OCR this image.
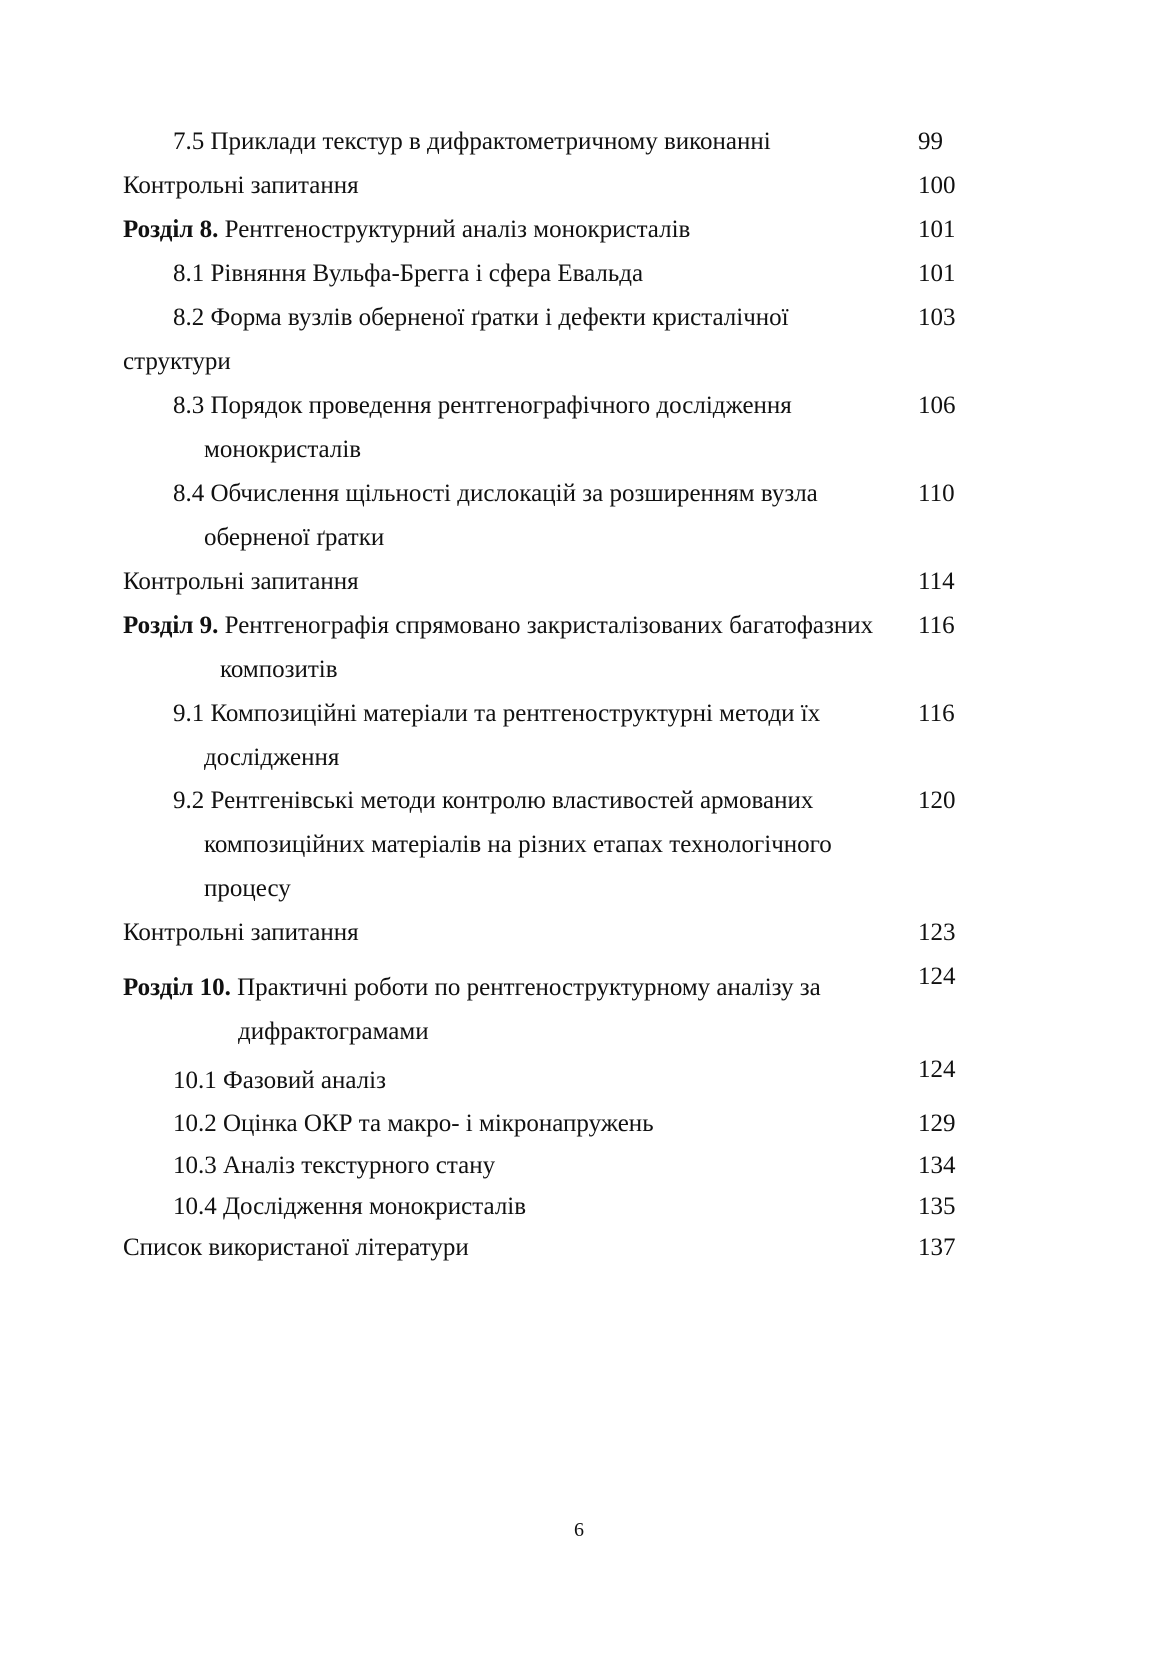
7.5 Приклади текстур в дифрактометричному виконанні	99
Контрольні запитання	100
Розділ 8. Рентгеноструктурний аналіз монокристалів	101
8.1 Рівняння Вульфа-Брегга і сфера Евальда	101
8.2 Форма вузлів оберненої ґратки і дефекти кристалічної	103
структури
8.3 Порядок проведення рентгенографічного дослідження	106
монокристалів
8.4 Обчислення щільності дислокацій за розширенням вузла	110
оберненої ґратки
Контрольні запитання	114
Розділ 9. Рентгенографія спрямовано закристалізованих багатофазних 116
композитів
9.1 Композиційні матеріали та рентгеноструктурні методи їх	116
дослідження
9.2 Рентгенівські методи контролю властивостей армованих	120
композиційних матеріалів на різних етапах технологічного
процесу
Контрольні запитання	123
Розділ 10. Практичні роботи по рентгеноструктурному аналізу за	124
дифрактограмами
10.1 Фазовий аналіз	124
10.2 Оцінка ОКР та макро- і мікронапружень	129
10.3 Аналіз текстурного стану	134
10.4 Дослідження монокристалів	135
Список використаної літератури	137
6
